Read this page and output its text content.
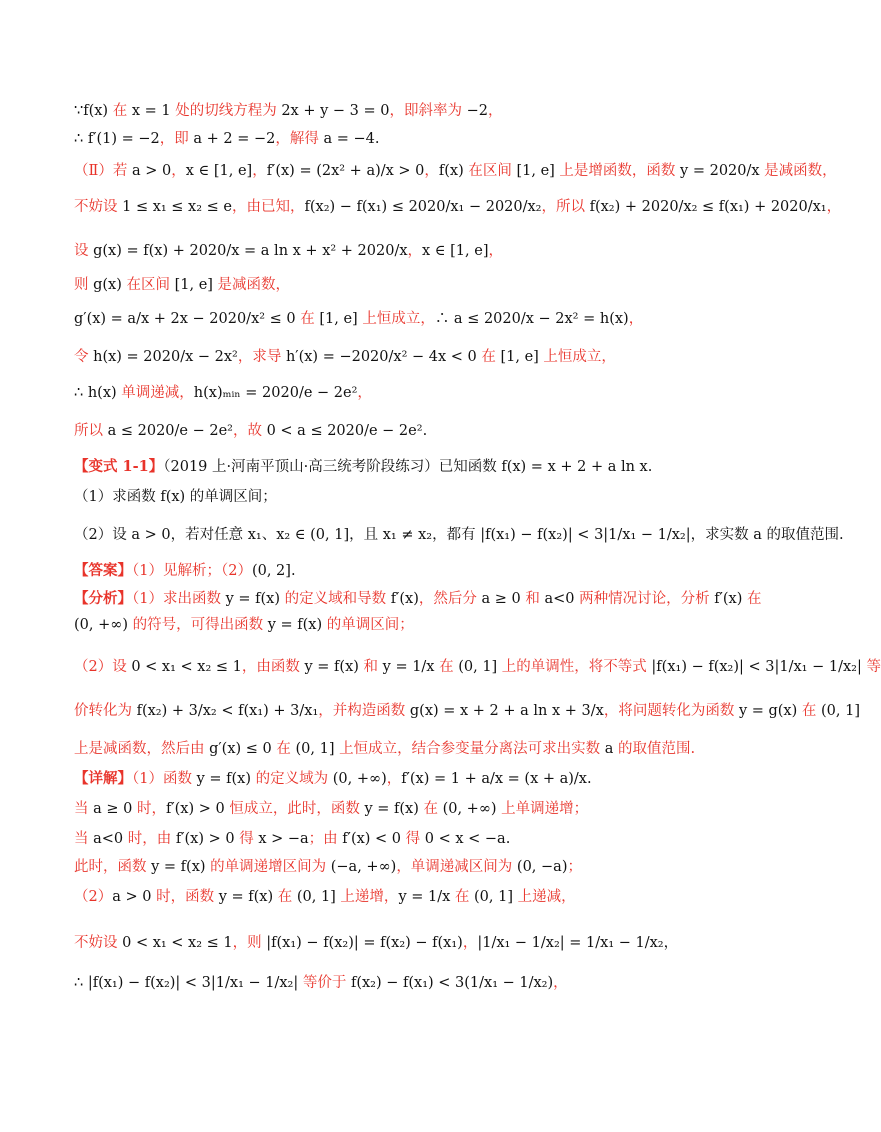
∵f(x) 在 x = 1 处的切线方程为 2x + y − 3 = 0，即斜率为 −2，
∴ f′(1) = −2，即 a + 2 = −2，解得 a = −4.
（Ⅱ）若 a > 0，x ∈ [1, e]，f′(x) = (2x² + a)/x > 0，f(x) 在区间 [1, e] 上是增函数，函数 y = 2020/x 是减函数，
不妨设 1 ≤ x₁ ≤ x₂ ≤ e，由已知，f(x₂) − f(x₁) ≤ 2020/x₁ − 2020/x₂，所以 f(x₂) + 2020/x₂ ≤ f(x₁) + 2020/x₁，
设 g(x) = f(x) + 2020/x = a ln x + x² + 2020/x，x ∈ [1, e]，
则 g(x) 在区间 [1, e] 是减函数，
g′(x) = a/x + 2x − 2020/x² ≤ 0 在 [1, e] 上恒成立，∴ a ≤ 2020/x − 2x² = h(x)，
令 h(x) = 2020/x − 2x²，求导 h′(x) = −2020/x² − 4x < 0 在 [1, e] 上恒成立，
∴ h(x) 单调递减，h(x)ₘᵢₙ = 2020/e − 2e²，
所以 a ≤ 2020/e − 2e²，故 0 < a ≤ 2020/e − 2e².
【变式 1-1】（2019 上·河南平顶山·高三统考阶段练习）已知函数 f(x) = x + 2 + a ln x.
（1）求函数 f(x) 的单调区间；
（2）设 a > 0，若对任意 x₁、x₂ ∈ (0, 1]，且 x₁ ≠ x₂，都有 |f(x₁) − f(x₂)| < 3|1/x₁ − 1/x₂|，求实数 a 的取值范围.
【答案】（1）见解析；（2）(0, 2].
【分析】（1）求出函数 y = f(x) 的定义域和导数 f′(x)，然后分 a ≥ 0 和 a<0 两种情况讨论，分析 f′(x) 在
(0, +∞) 的符号，可得出函数 y = f(x) 的单调区间；
（2）设 0 < x₁ < x₂ ≤ 1，由函数 y = f(x) 和 y = 1/x 在 (0, 1] 上的单调性，将不等式 |f(x₁) − f(x₂)| < 3|1/x₁ − 1/x₂| 等
价转化为 f(x₂) + 3/x₂ < f(x₁) + 3/x₁，并构造函数 g(x) = x + 2 + a ln x + 3/x，将问题转化为函数 y = g(x) 在 (0, 1]
上是减函数，然后由 g′(x) ≤ 0 在 (0, 1] 上恒成立，结合参变量分离法可求出实数 a 的取值范围.
【详解】（1）函数 y = f(x) 的定义域为 (0, +∞)，f′(x) = 1 + a/x = (x + a)/x.
当 a ≥ 0 时，f′(x) > 0 恒成立，此时，函数 y = f(x) 在 (0, +∞) 上单调递增；
当 a<0 时，由 f′(x) > 0 得 x > −a；由 f′(x) < 0 得 0 < x < −a.
此时，函数 y = f(x) 的单调递增区间为 (−a, +∞)，单调递减区间为 (0, −a)；
（2）a > 0 时，函数 y = f(x) 在 (0, 1] 上递增，y = 1/x 在 (0, 1] 上递减，
不妨设 0 < x₁ < x₂ ≤ 1，则 |f(x₁) − f(x₂)| = f(x₂) − f(x₁)，|1/x₁ − 1/x₂| = 1/x₁ − 1/x₂，
∴ |f(x₁) − f(x₂)| < 3|1/x₁ − 1/x₂| 等价于 f(x₂) − f(x₁) < 3(1/x₁ − 1/x₂)，
